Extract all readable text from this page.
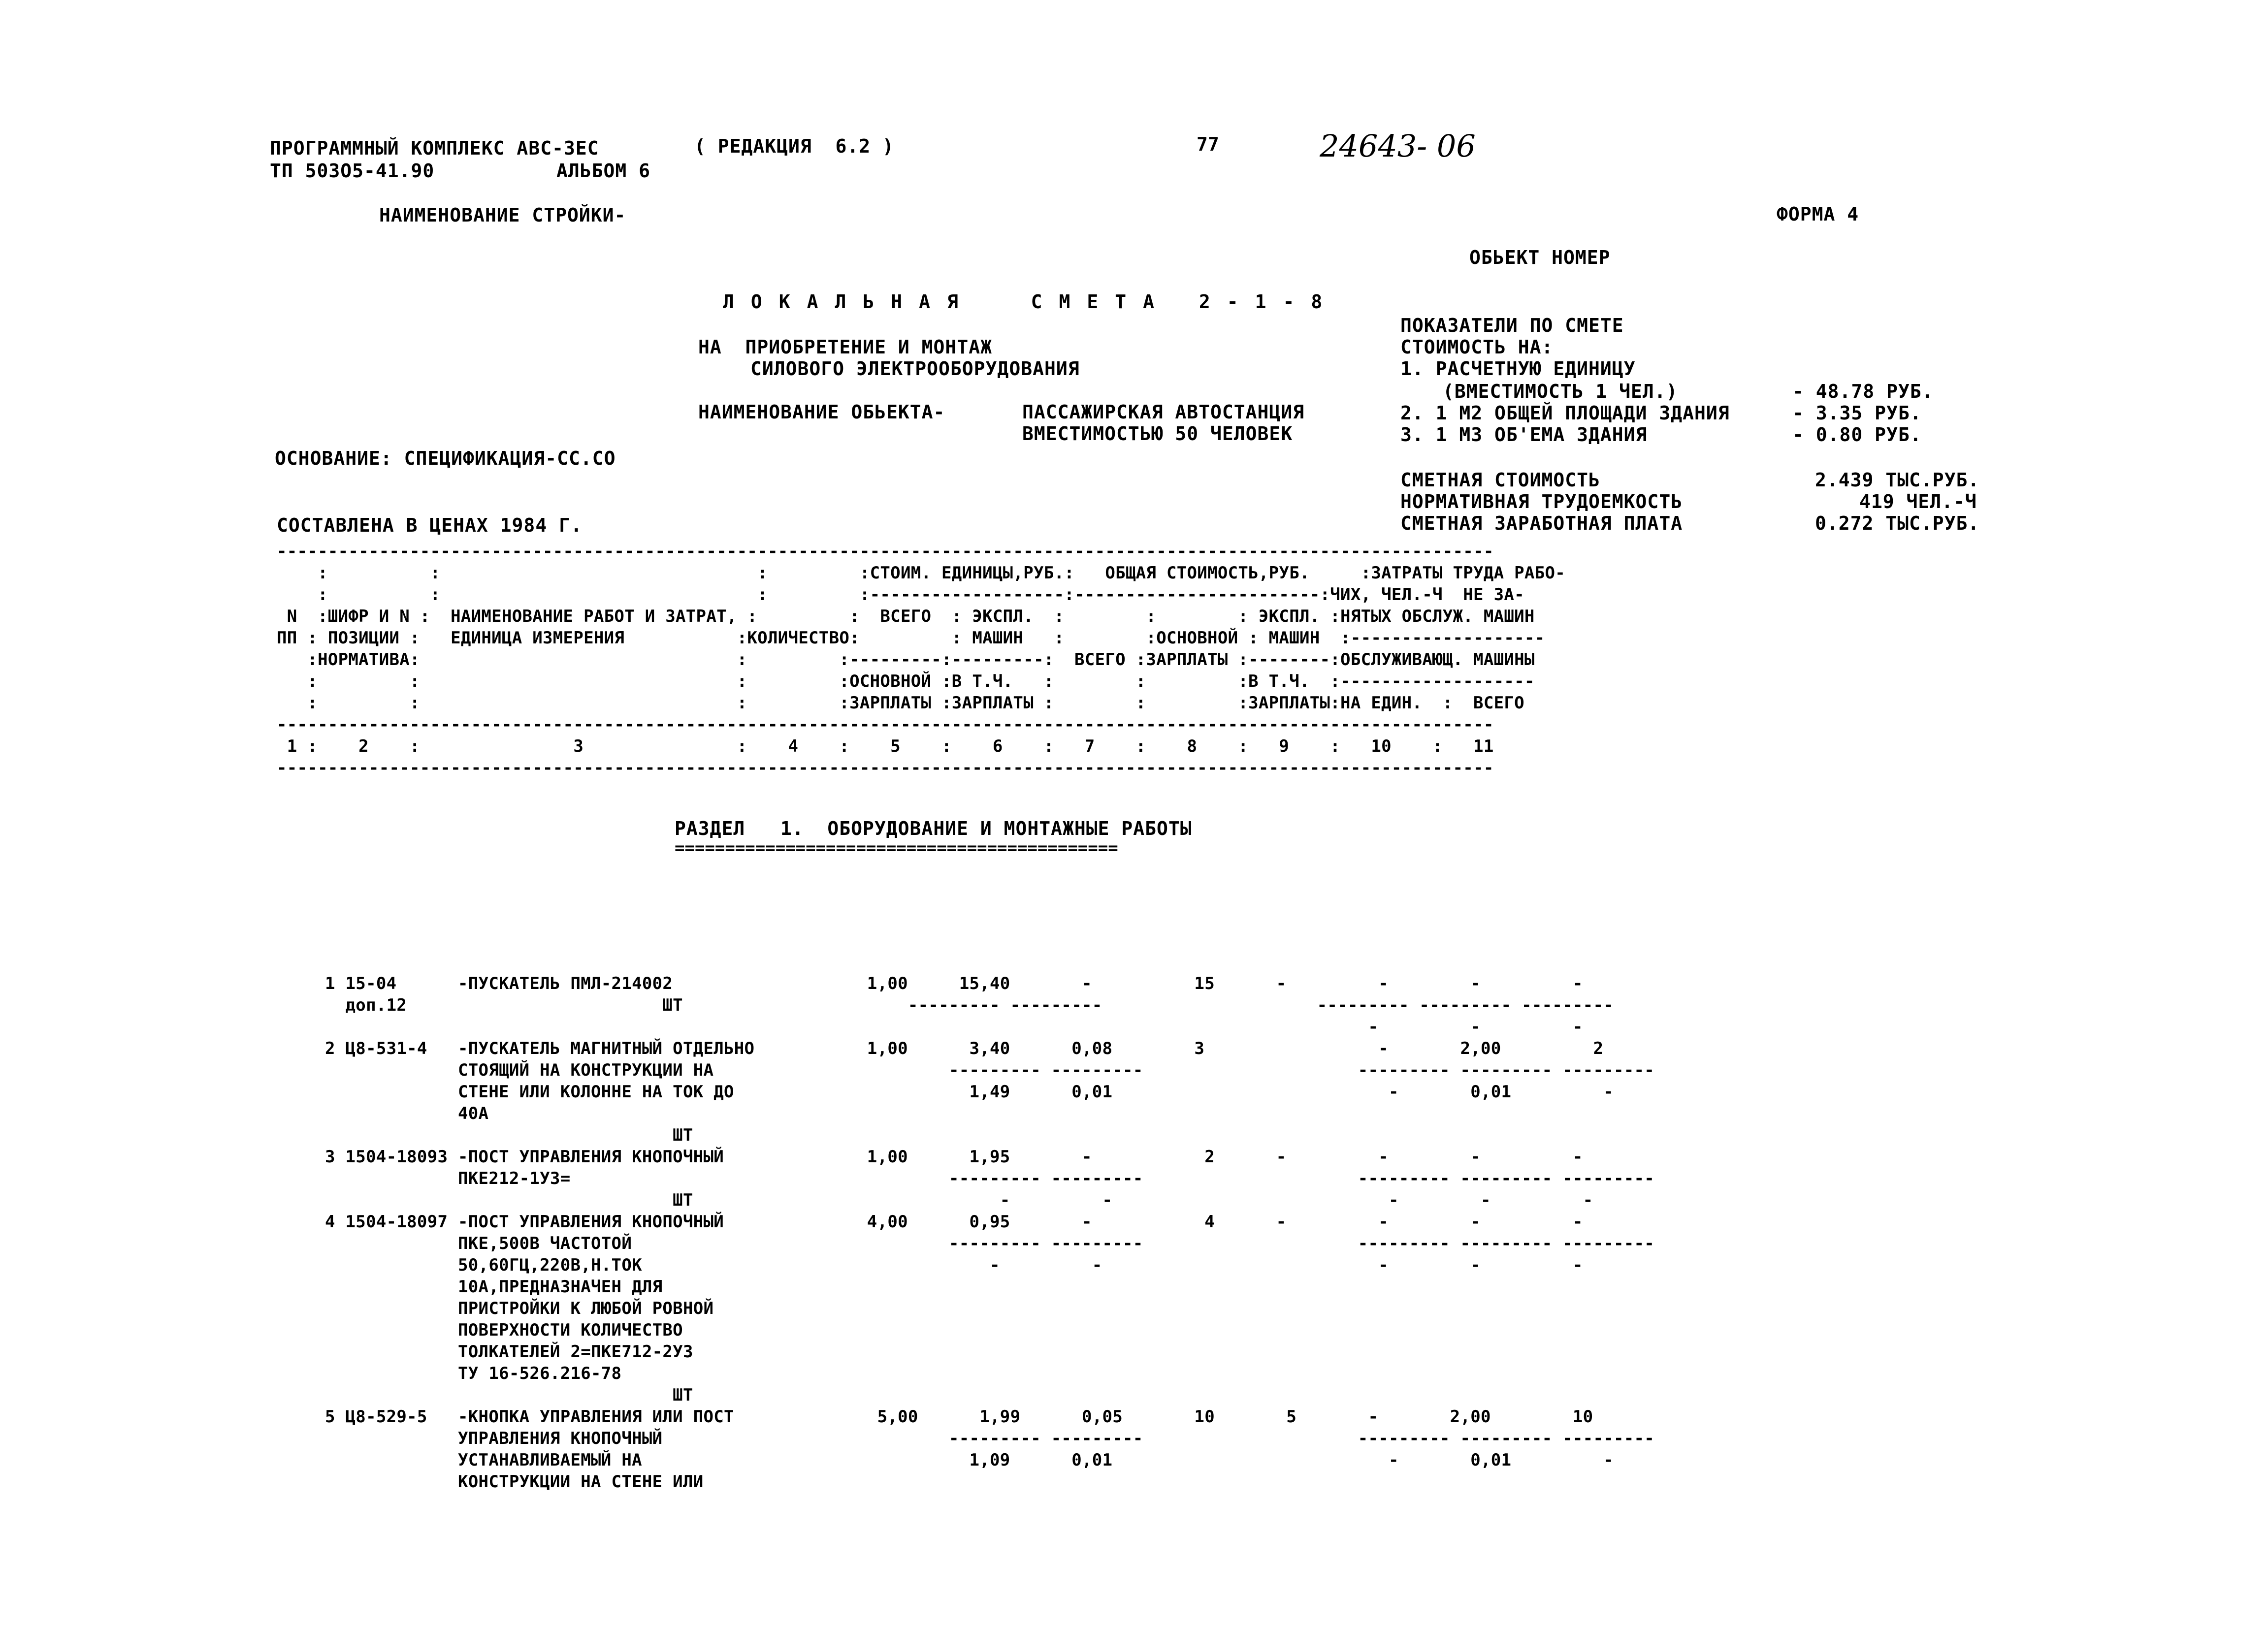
ПРОГРАММНЫЙ КОМПЛЕКС АВС-ЗЕС	( РЕДАКЦИЯ  6.2 )	77	24643- 06
ТП 503О5-41.90	АЛЬБОМ 6
НАИМЕНОВАНИЕ СТРОЙКИ-	ФОРМА 4
ОБЬЕКТ НОМЕР
ЛОКАЛЬНАЯ  СМЕТА 2-1-8
НА  ПРИОБРЕТЕНИЕ И МОНТАЖ
СИЛОВОГО ЭЛЕКТРООБОРУДОВАНИЯ
НАИМЕНОВАНИЕ ОБЬЕКТА-	ПАССАЖИРСКАЯ АВТОСТАНЦИЯ
ВМЕСТИМОСТЬЮ 50 ЧЕЛОВЕК
ОСНОВАНИЕ: СПЕЦИФИКАЦИЯ-СС.СО
СОСТАВЛЕНА В ЦЕНАХ 1984 Г.
ПОКАЗАТЕЛИ ПО СМЕТЕ
СТОИМОСТЬ НА:
1. РАСЧЕТНУЮ ЕДИНИЦУ
(ВМЕСТИМОСТЬ 1 ЧЕЛ.)	- 48.78 РУБ.
2. 1 М2 ОБЩЕЙ ПЛОЩАДИ ЗДАНИЯ	- 3.35 РУБ.
3. 1 М3 ОБ'ЕМА ЗДАНИЯ	- 0.80 РУБ.
СМЕТНАЯ СТОИМОСТЬ	2.439 ТЫС.РУБ.
НОРМАТИВНАЯ ТРУДОЕМКОСТЬ	419 ЧЕЛ.-Ч
СМЕТНАЯ ЗАРАБОТНАЯ ПЛАТА	0.272 ТЫС.РУБ.
-----------------------------------------------------------------------------------------------------------------------
:          :                               :         :СТОИМ. ЕДИНИЦЫ,РУБ.:   ОБЩАЯ СТОИМОСТЬ,РУБ.     :ЗАТРАТЫ ТРУДА РАБО-
:          :                               :         :-------------------:------------------------:ЧИХ, ЧЕЛ.-Ч  НЕ ЗА-
N  :ШИФР И N :  НАИМЕНОВАНИЕ РАБОТ И ЗАТРАТ, :         :  ВСЕГО  : ЭКСПЛ.  :        :        : ЭКСПЛ. :НЯТЫХ ОБСЛУЖ. МАШИН
ПП : ПОЗИЦИИ :   ЕДИНИЦА ИЗМЕРЕНИЯ           :КОЛИЧЕСТВО:         : МАШИН   :        :ОСНОВНОЙ : МАШИН  :-------------------
:НОРМАТИВА:                               :         :---------:---------:  ВСЕГО :ЗАРПЛАТЫ :--------:ОБСЛУЖИВАЮЩ. МАШИНЫ
:         :                               :         :ОСНОВНОЙ :В Т.Ч.   :        :         :В Т.Ч.  :-------------------
:         :                               :         :ЗАРПЛАТЫ :ЗАРПЛАТЫ :        :         :ЗАРПЛАТЫ:НА ЕДИН.  :  ВСЕГО
-----------------------------------------------------------------------------------------------------------------------
1 :    2    :               3               :    4    :    5    :    6    :   7    :    8    :   9    :   10    :   11
-----------------------------------------------------------------------------------------------------------------------
РАЗДЕЛ   1.  ОБОРУДОВАНИЕ И МОНТАЖНЫЕ РАБОТЫ
============================================
1 15-04      -ПУСКАТЕЛЬ ПМЛ-214002                   1,00     15,40       -          15      -         -        -         -
доп.12                         ШТ                      --------- ---------                     --------- --------- ---------
-         -         -
2 Ц8-531-4   -ПУСКАТЕЛЬ МАГНИТНЫЙ ОТДЕЛЬНО           1,00      3,40      0,08        3                 -       2,00         2
СТОЯЩИЙ НА КОНСТРУКЦИИ НА                       --------- ---------                     --------- --------- ---------
СТЕНЕ ИЛИ КОЛОННЕ НА ТОК ДО                       1,49      0,01                           -       0,01         -
40А
ШТ
3 1504-18093 -ПОСТ УПРАВЛЕНИЯ КНОПОЧНЫЙ              1,00      1,95       -           2      -         -        -         -
ПКЕ212-1У3=                                     --------- ---------                     --------- --------- ---------
ШТ                              -         -                           -        -         -
4 1504-18097 -ПОСТ УПРАВЛЕНИЯ КНОПОЧНЫЙ              4,00      0,95       -           4      -         -        -         -
ПКЕ,500В ЧАСТОТОЙ                               --------- ---------                     --------- --------- ---------
50,60ГЦ,220В,Н.ТОК                                  -         -                           -        -         -
10А,ПРЕДНАЗНАЧЕН ДЛЯ
ПРИСТРОЙКИ К ЛЮБОЙ РОВНОЙ
ПОВЕРХНОСТИ КОЛИЧЕСТВО
ТОЛКАТЕЛЕЙ 2=ПКЕ712-2У3
ТУ 16-526.216-78
ШТ
5 Ц8-529-5   -КНОПКА УПРАВЛЕНИЯ ИЛИ ПОСТ              5,00      1,99      0,05       10       5       -       2,00        10
УПРАВЛЕНИЯ КНОПОЧНЫЙ                            --------- ---------                     --------- --------- ---------
УСТАНАВЛИВАЕМЫЙ НА                                1,09      0,01                           -       0,01         -
КОНСТРУКЦИИ НА СТЕНЕ ИЛИ
